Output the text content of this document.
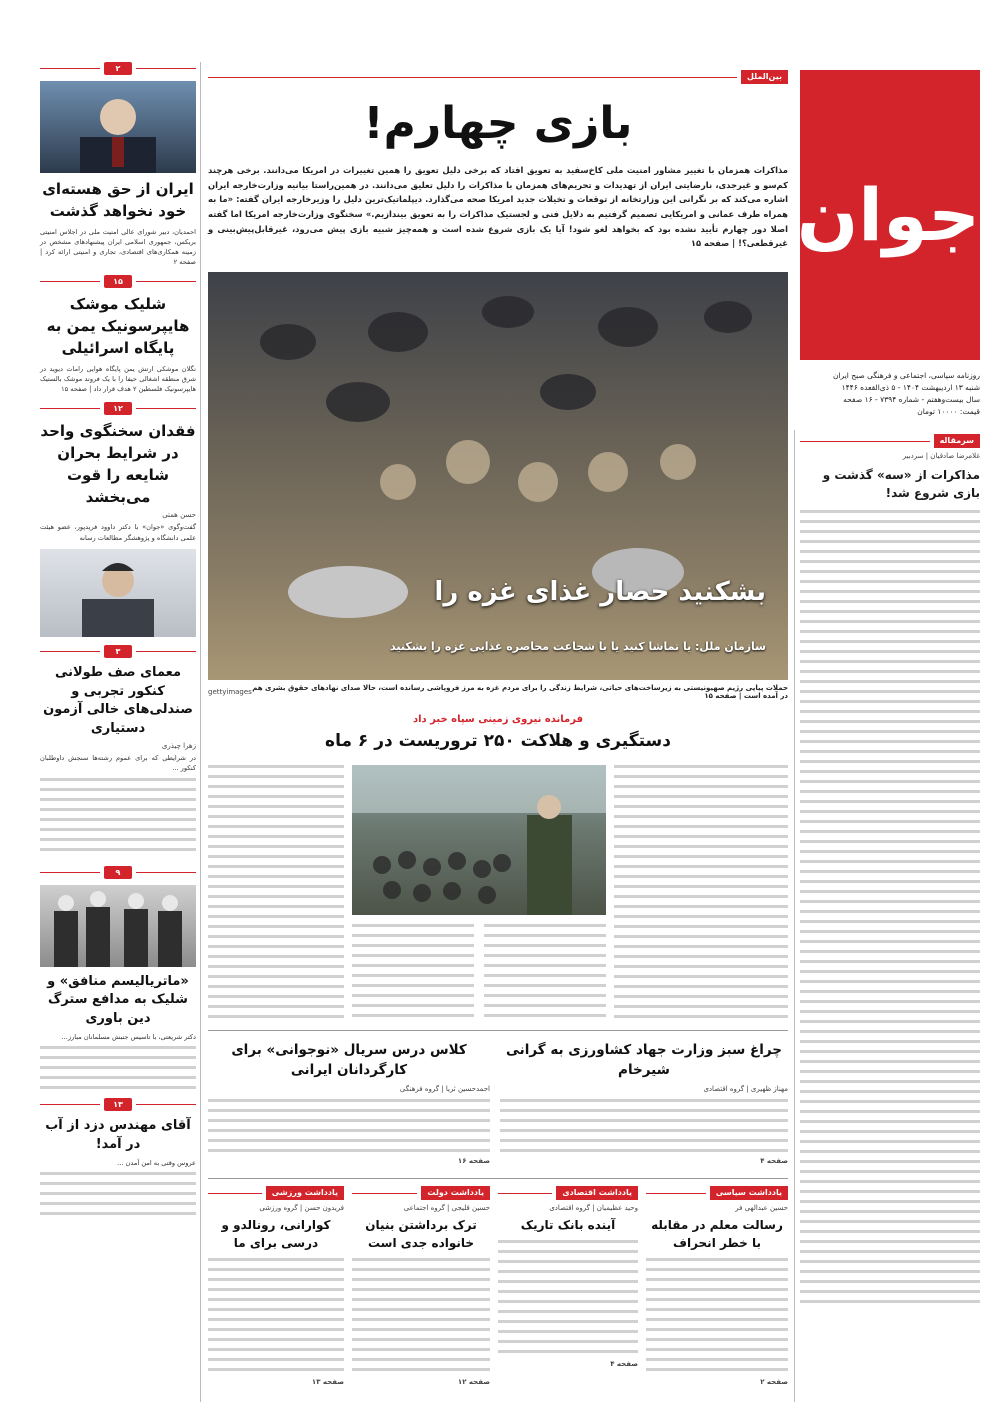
جوان
روزنامه سیاسی، اجتماعی و فرهنگی صبح ایران
شنبه ۱۳ اردیبهشت ۱۴۰۴ - ۵ ذی‌القعده ۱۴۴۶
سال بیست‌وهفتم - شماره ۷۳۹۴ - ۱۶ صفحه
قیمت: ۱۰۰۰۰ تومان
سرمقاله
غلامرضا صادقیان | سردبیر
مذاکرات از «سه» گذشت و بازی شروع شد!
بین‌الملل
بازی چهارم!
مذاکرات همزمان با تغییر مشاور امنیت ملی کاخ‌سفید به تعویق افتاد که برخی دلیل تعویق را همین تغییرات در امریکا می‌دانند. برخی هرچند کم‌سو و غیرجدی، نارضایتی ایران از تهدیدات و تحریم‌های همزمان با مذاکرات را دلیل تعلیق می‌دانند. در همین‌راستا بیانیه وزارت‌خارجه ایران اشاره می‌کند که بر نگرانی این وزارتخانه از توقعات و تخیلات جدید امریکا صحه می‌گذارد. دیپلماتیک‌ترین دلیل را وزیرخارجه ایران گفته: «ما به همراه طرف عمانی و امریکایی تصمیم گرفتیم به دلایل فنی و لجستیک مذاکرات را به تعویق بیندازیم.» سخنگوی وزارت‌خارجه امریکا اما گفته اصلا دور چهارم تأیید نشده بود که بخواهد لغو شود! آیا یک بازی شروع شده است و همه‌چیز شبیه بازی پیش می‌رود، غیرقابل‌پیش‌بینی و غیرقطعی؟! | صفحه ۱۵
بشکنید حصار غذای غزه را
سازمان ملل: یا تماشا کنید یا با شجاعت محاصره غذایی غزه را بشکنید
حملات پیاپی رژیم صهیونیستی به زیرساخت‌های حیاتی، شرایط زندگی را برای مردم غزه به مرز فروپاشی رسانده است، حالا صدای نهادهای حقوق بشری هم در آمده است | صفحه ۱۵
gettyimages
فرمانده نیروی زمینی سپاه خبر داد
دستگیری و هلاکت ۲۵۰ تروریست در ۶ ماه
چراغ سبز وزارت جهاد کشاورزی به گرانی شیرخام
مهناز ظهیری | گروه اقتصادی
صفحه ۴
کلاس درس سریال «نوجوانی» برای کارگردانان ایرانی
احمدحسین ثریا | گروه فرهنگی
صفحه ۱۶
یادداشت سیاسی
حسین عبدالهی فر
رسالت معلم در مقابله با خطر انحراف
صفحه ۲
یادداشت اقتصادی
وحید عظیمیان | گروه اقتصادی
آینده بانک تاریک
صفحه ۴
یادداشت دولت
حسین قلیجی | گروه اجتماعی
ترک برداشتن بنیان خانواده جدی است
صفحه ۱۲
یادداشت ورزشی
فریدون حسن | گروه ورزشی
کوارانی، رونالدو و درسی برای ما
صفحه ۱۳
۲
ایران از حق هسته‌ای خود نخواهد گذشت
احمدیان، دبیر شورای عالی امنیت ملی در اجلاس امنیتی بریکس، جمهوری اسلامی ایران پیشنهادهای مشخص در زمینه همکاری‌های اقتصادی، تجاری و امنیتی ارائه کرد | صفحه ۲
۱۵
شلیک موشک هایپرسونیک یمن به پایگاه اسرائیلی
نگلان موشکی ارتش یمن پایگاه هوایی رامات دیوید در شرق منطقه اشغالی حیفا را با یک فروند موشک بالستیک هایپرسونیک فلسطین ۲ هدف قرار داد | صفحه ۱۵
۱۲
فقدان سخنگوی واحد در شرایط بحران شایعه را قوت می‌بخشد
حسن همتی
گفت‌وگوی «جوان» با دکتر داوود فریدپور، عضو هیئت علمی دانشگاه و پژوهشگر مطالعات رسانه
۳
معمای صف طولانی کنکور تجربی و صندلی‌های خالی آزمون دستیاری
زهرا چیذری
در شرایطی که برای عموم رشته‌ها سنجش داوطلبان کنکور ...
۹
«ماتریالیسم منافق» و شلیک به مدافع سترگ دین باوری
دکتر شریعتی، با تاسیس جنبش مسلمانان مبارز...
۱۳
آقای مهندس دزد از آب در آمد!
عروس وقتی به امن آمدن ...
